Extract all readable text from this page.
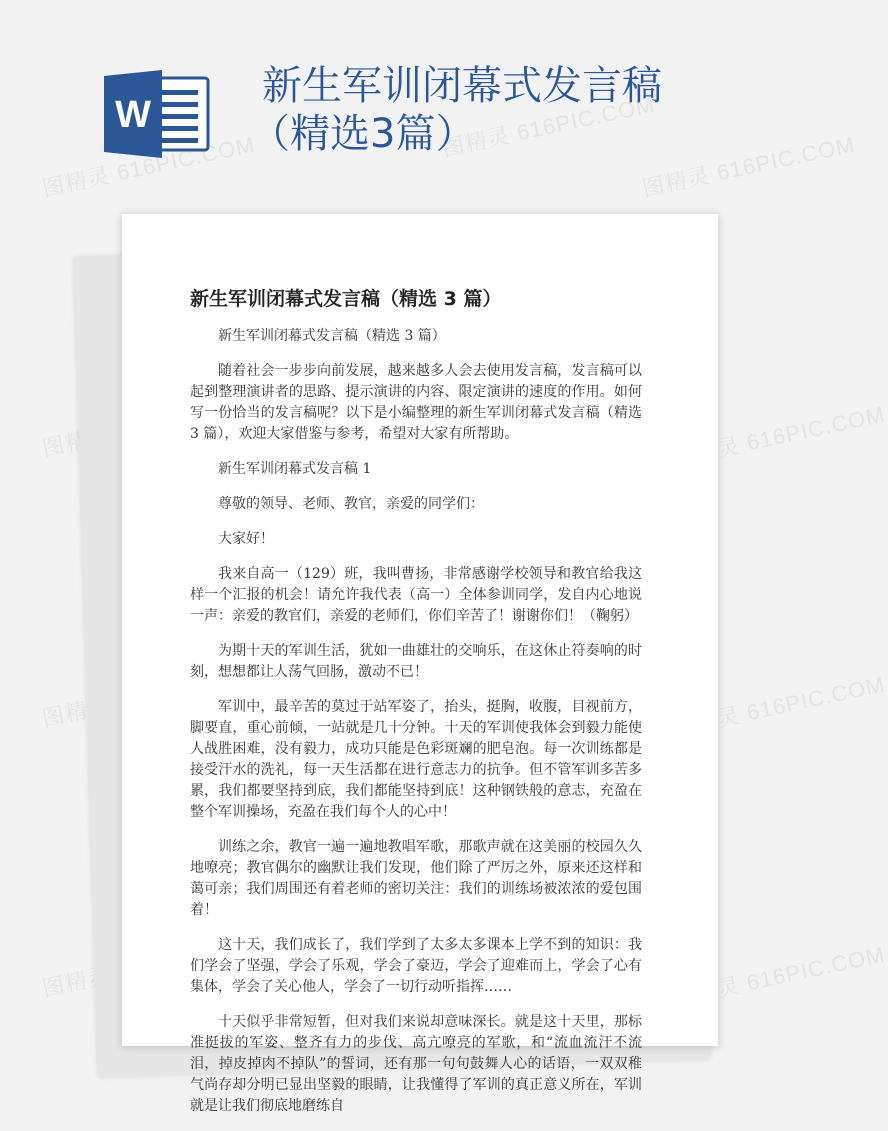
W
新生军训闭幕式发言稿
（精选3篇）
图精灵 616PIC.COM
图精灵 616PIC.COM
图精灵 616PIC.COM
图精灵	图精灵 616PIC.COM
图精灵	图精灵 616PIC.COM
图精灵	图精灵 616PIC.COM
新生军训闭幕式发言稿（精选 3 篇）

新生军训闭幕式发言稿（精选 3 篇）

随着社会一步步向前发展，越来越多人会去使用发言稿，发言稿可以起到整理演讲者的思路、提示演讲的内容、限定演讲的速度的作用。如何写一份恰当的发言稿呢？以下是小编整理的新生军训闭幕式发言稿（精选 3 篇），欢迎大家借鉴与参考，希望对大家有所帮助。

新生军训闭幕式发言稿 1

尊敬的领导、老师、教官，亲爱的同学们：

大家好！

我来自高一（129）班，我叫曹扬，非常感谢学校领导和教官给我这样一个汇报的机会！请允许我代表（高一）全体参训同学，发自内心地说一声：亲爱的教官们，亲爱的老师们，你们辛苦了！谢谢你们！（鞠躬）

为期十天的军训生活，犹如一曲雄壮的交响乐，在这休止符奏响的时刻，想想都让人荡气回肠，激动不已！

军训中，最辛苦的莫过于站军姿了，抬头，挺胸，收腹，目视前方，脚要直，重心前倾，一站就是几十分钟。十天的军训使我体会到毅力能使人战胜困难，没有毅力，成功只能是色彩斑斓的肥皂泡。每一次训练都是接受汗水的洗礼，每一天生活都在进行意志力的抗争。但不管军训多苦多累，我们都要坚持到底，我们都能坚持到底！这种钢铁般的意志，充盈在整个军训操场，充盈在我们每个人的心中！

训练之余，教官一遍一遍地教唱军歌，那歌声就在这美丽的校园久久地嘹亮；教官偶尔的幽默让我们发现，他们除了严厉之外，原来还这样和蔼可亲；我们周围还有着老师的密切关注：我们的训练场被浓浓的爱包围着！

这十天，我们成长了，我们学到了太多太多课本上学不到的知识：我们学会了坚强，学会了乐观，学会了豪迈，学会了迎难而上，学会了心有集体，学会了关心他人，学会了一切行动听指挥……

十天似乎非常短暂，但对我们来说却意味深长。就是这十天里，那标准挺拔的军姿、整齐有力的步伐、高亢嘹亮的军歌，和“流血流汗不流泪，掉皮掉肉不掉队”的誓词，还有那一句句鼓舞人心的话语，一双双稚气尚存却分明已显出坚毅的眼睛，让我懂得了军训的真正意义所在，军训就是让我们彻底地磨练自
